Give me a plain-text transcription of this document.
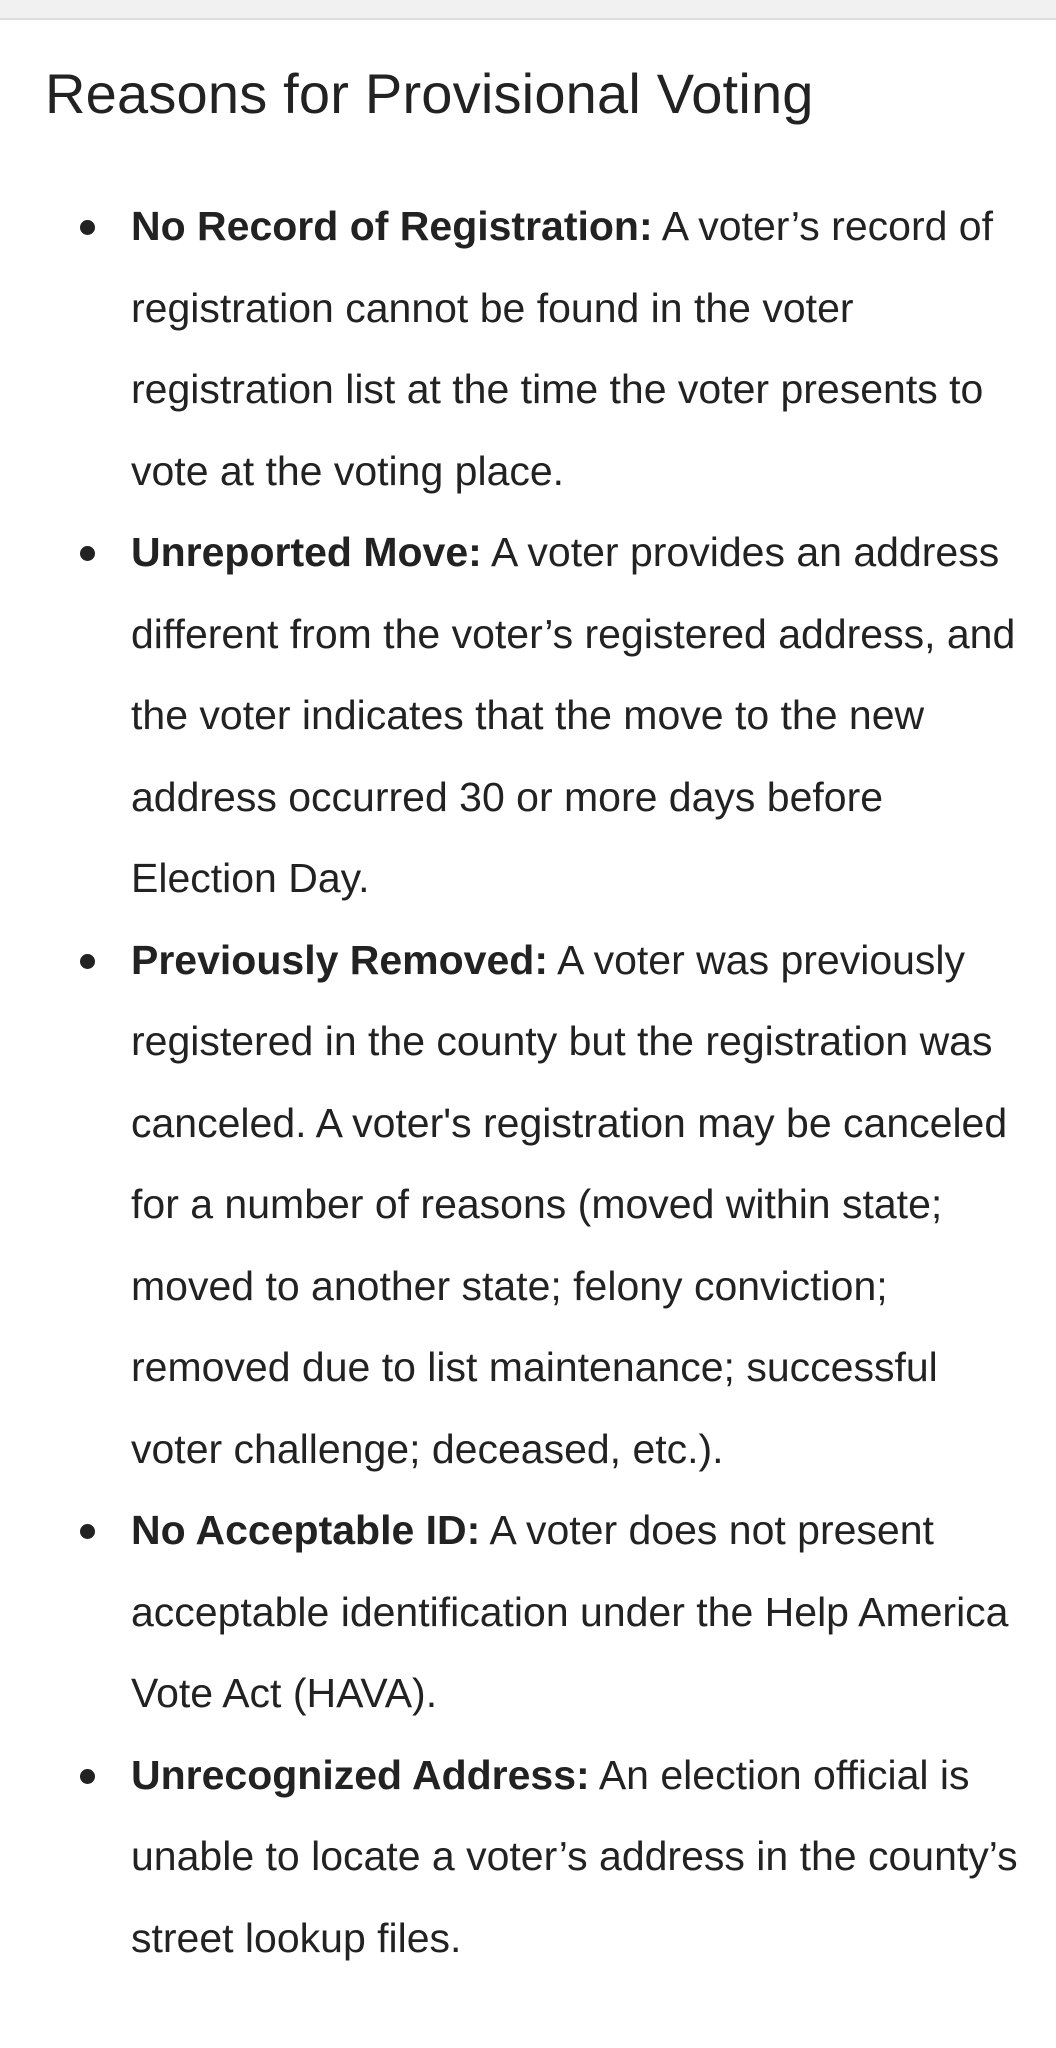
Reasons for Provisional Voting
No Record of Registration: A voter’s record of registration cannot be found in the voter registration list at the time the voter presents to vote at the voting place.
Unreported Move: A voter provides an address different from the voter’s registered address, and the voter indicates that the move to the new address occurred 30 or more days before Election Day.
Previously Removed: A voter was previously registered in the county but the registration was canceled. A voter's registration may be canceled for a number of reasons (moved within state; moved to another state; felony conviction; removed due to list maintenance; successful voter challenge; deceased, etc.).
No Acceptable ID: A voter does not present acceptable identification under the Help America Vote Act (HAVA).
Unrecognized Address: An election official is unable to locate a voter’s address in the county’s street lookup files.
